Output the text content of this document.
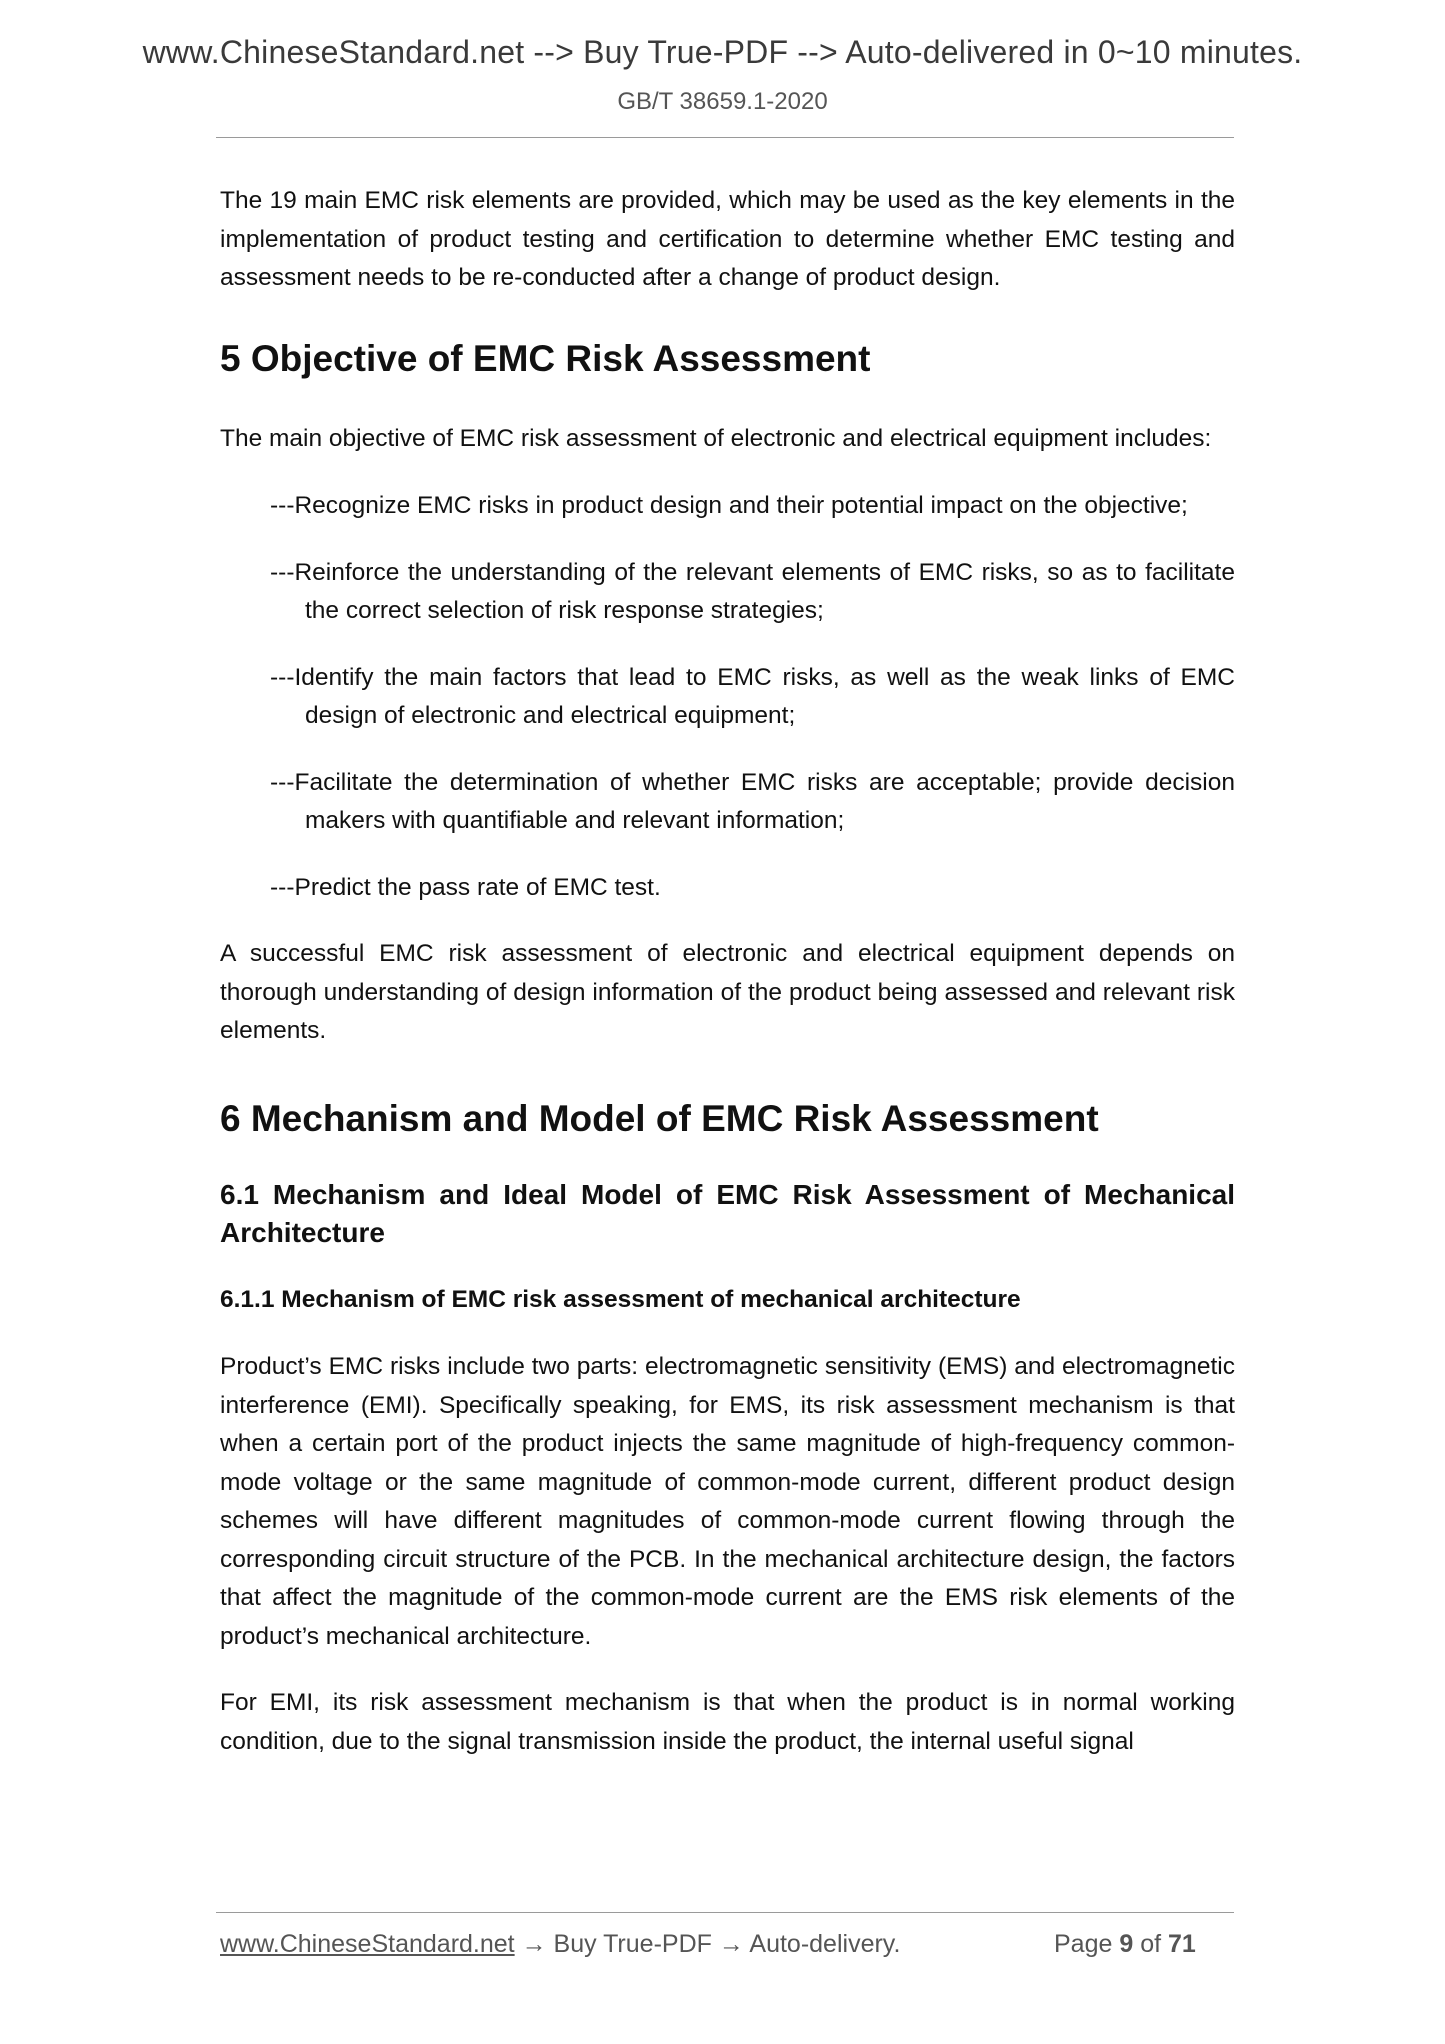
www.ChineseStandard.net --> Buy True-PDF --> Auto-delivered in 0~10 minutes.
GB/T 38659.1-2020

The 19 main EMC risk elements are provided, which may be used as the key elements in the implementation of product testing and certification to determine whether EMC testing and assessment needs to be re-conducted after a change of product design.

5 Objective of EMC Risk Assessment

The main objective of EMC risk assessment of electronic and electrical equipment includes:

---Recognize EMC risks in product design and their potential impact on the objective;

---Reinforce the understanding of the relevant elements of EMC risks, so as to facilitate the correct selection of risk response strategies;

---Identify the main factors that lead to EMC risks, as well as the weak links of EMC design of electronic and electrical equipment;

---Facilitate the determination of whether EMC risks are acceptable; provide decision makers with quantifiable and relevant information;

---Predict the pass rate of EMC test.

A successful EMC risk assessment of electronic and electrical equipment depends on thorough understanding of design information of the product being assessed and relevant risk elements.

6 Mechanism and Model of EMC Risk Assessment
6.1 Mechanism and Ideal Model of EMC Risk Assessment of Mechanical Architecture
6.1.1 Mechanism of EMC risk assessment of mechanical architecture

Product’s EMC risks include two parts: electromagnetic sensitivity (EMS) and electromagnetic interference (EMI). Specifically speaking, for EMS, its risk assessment mechanism is that when a certain port of the product injects the same magnitude of high-frequency common-mode voltage or the same magnitude of common-mode current, different product design schemes will have different magnitudes of common-mode current flowing through the corresponding circuit structure of the PCB. In the mechanical architecture design, the factors that affect the magnitude of the common-mode current are the EMS risk elements of the product’s mechanical architecture.

For EMI, its risk assessment mechanism is that when the product is in normal working condition, due to the signal transmission inside the product, the internal useful signal

www.ChineseStandard.net → Buy True-PDF → Auto-delivery.	Page 9 of 71
